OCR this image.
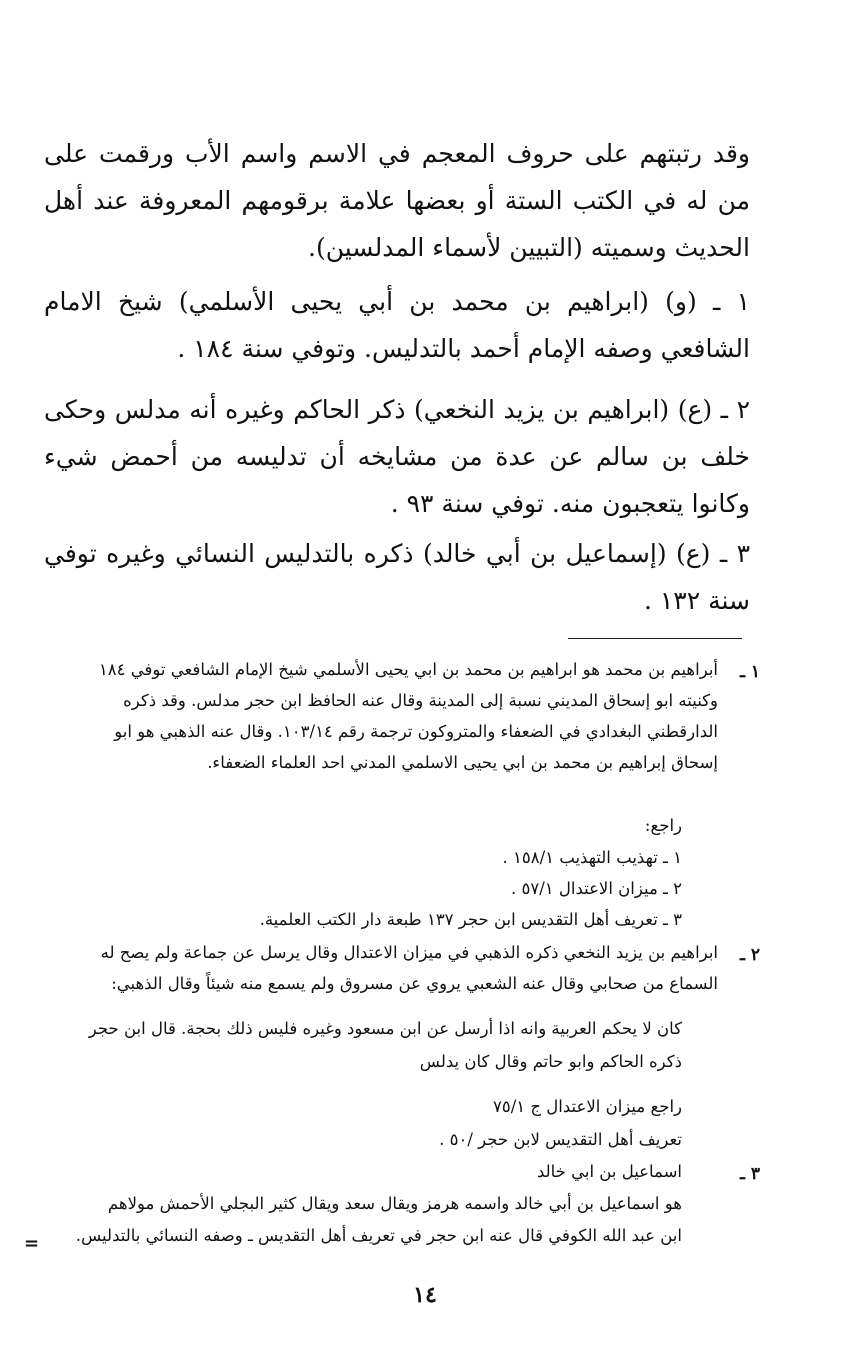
وقد رتبتهم على حروف المعجم في الاسم واسم الأب ورقمت على من له في الكتب الستة أو بعضها علامة برقومهم المعروفة عند أهل الحديث وسميته (التبيين لأسماء المدلسين).
١ ـ (و) (ابراهيم بن محمد بن أبي يحيى الأسلمي) شيخ الامام الشافعي وصفه الإمام أحمد بالتدليس. وتوفي سنة ١٨٤ .
٢ ـ (ع) (ابراهيم بن يزيد النخعي) ذكر الحاكم وغيره أنه مدلس وحكى خلف بن سالم عن عدة من مشايخه أن تدليسه من أحمض شيء وكانوا يتعجبون منه. توفي سنة ٩٣ .
٣ ـ (ع) (إسماعيل بن أبي خالد) ذكره بالتدليس النسائي وغيره توفي سنة ١٣٢ .
١ ـ
أبراهيم بن محمد هو ابراهيم بن محمد بن ابي يحيى الأسلمي شيخ الإمام الشافعي توفي ١٨٤
وكنيته ابو إسحاق المديني نسبة إلى المدينة وقال عنه الحافظ ابن حجر مدلس. وقد ذكره
الدارقطني البغدادي في الضعفاء والمتروكون ترجمة رقم ١٠٣/١٤. وقال عنه الذهبي هو ابو
إسحاق إبراهيم بن محمد بن ابي يحيى الاسلمي المدني احد العلماء الضعفاء.
راجع:
١ ـ تهذيب التهذيب ١٥٨/١ .
٢ ـ ميزان الاعتدال ٥٧/١ .
٣ ـ تعريف أهل التقديس ابن حجر ١٣٧ طبعة دار الكتب العلمية.
٢ ـ
ابراهيم بن يزيد النخعي ذكره الذهبي في ميزان الاعتدال وقال يرسل عن جماعة ولم يصح له
السماع من صحابي وقال عنه الشعبي يروي عن مسروق ولم يسمع منه شيئاً وقال الذهبي:
كان لا يحكم العربية وانه اذا أرسل عن ابن مسعود وغيره فليس ذلك بحجة. قال ابن حجر
ذكره الحاكم وابو حاتم وقال كان يدلس
راجع ميزان الاعتدال ج ٧٥/١
تعريف أهل التقديس لابن حجر /٥٠ .
٣ ـ
اسماعيل بن ابي خالد
هو اسماعيل بن أبي خالد واسمه هرمز ويقال سعد ويقال كثير البجلي الأحمش مولاهم
ابن عبد الله الكوفي قال عنه ابن حجر في تعريف أهل التقديس ـ وصفه النسائي بالتدليس.
=
١٤
